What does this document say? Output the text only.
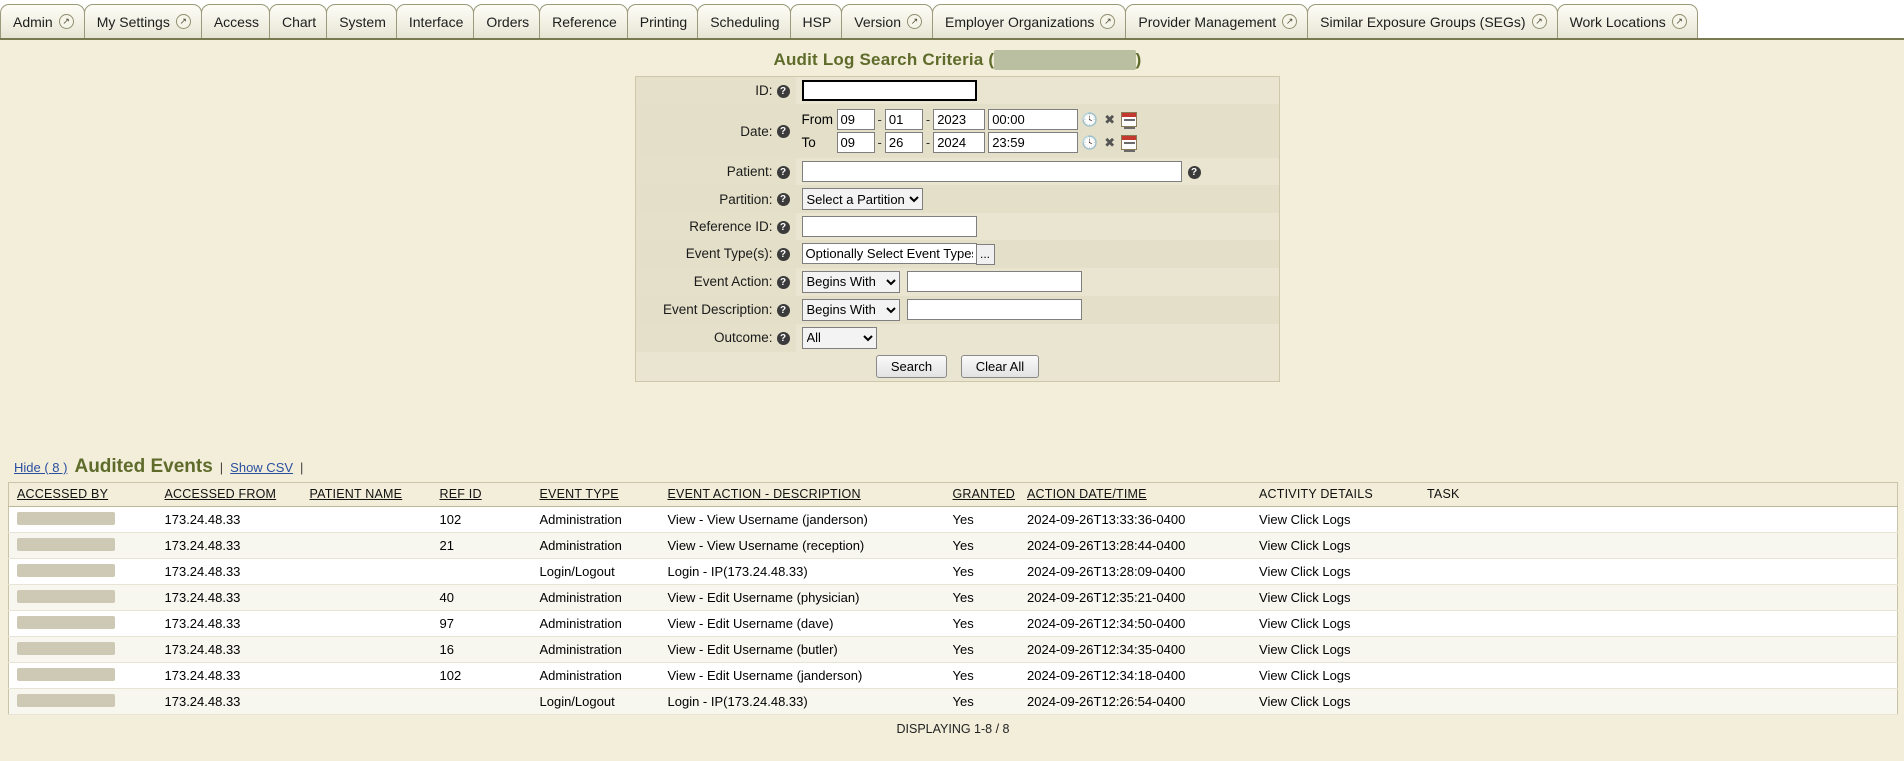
Admin	↗ My Settings	↗ Access Chart System Interface Orders Reference Printing Scheduling HSP Version	↗ Employer Organizations	↗ Provider Management	↗ Similar Exposure Groups (SEGs)	↗ Work Locations	↗
Audit Log Search Criteria (	)
ID: ?	
Date: ?	
From
09	-
01	-
2023
00:00	🕓 ✖
To
09	-
26	-
2024
23:59	🕓 ✖

Patient: ?	?
Partition: ?	
Select a Partition
Reference ID: ?	
Event Type(s): ?	Optionally Select Event Types...
Event Action: ?	
Begins With
Event Description: ?	
Begins With
Outcome: ?	
All
Search Clear All	
Hide ( 8 ) Audited Events | Show CSV |
ACCESSED BY	ACCESSED FROM	PATIENT NAME	REF ID	EVENT TYPE	EVENT ACTION - DESCRIPTION	GRANTED	ACTION DATE/TIME	ACTIVITY DETAILS	TASK
	173.24.48.33		102	Administration	View - View Username (janderson)	Yes	2024-09-26T13:33:36-0400	View Click Logs	
	173.24.48.33		21	Administration	View - View Username (reception)	Yes	2024-09-26T13:28:44-0400	View Click Logs	
	173.24.48.33			Login/Logout	Login - IP(173.24.48.33)	Yes	2024-09-26T13:28:09-0400	View Click Logs	
	173.24.48.33		40	Administration	View - Edit Username (physician)	Yes	2024-09-26T12:35:21-0400	View Click Logs	
	173.24.48.33		97	Administration	View - Edit Username (dave)	Yes	2024-09-26T12:34:50-0400	View Click Logs	
	173.24.48.33		16	Administration	View - Edit Username (butler)	Yes	2024-09-26T12:34:35-0400	View Click Logs	
	173.24.48.33		102	Administration	View - Edit Username (janderson)	Yes	2024-09-26T12:34:18-0400	View Click Logs	
	173.24.48.33			Login/Logout	Login - IP(173.24.48.33)	Yes	2024-09-26T12:26:54-0400	View Click Logs	
DISPLAYING 1-8 / 8
